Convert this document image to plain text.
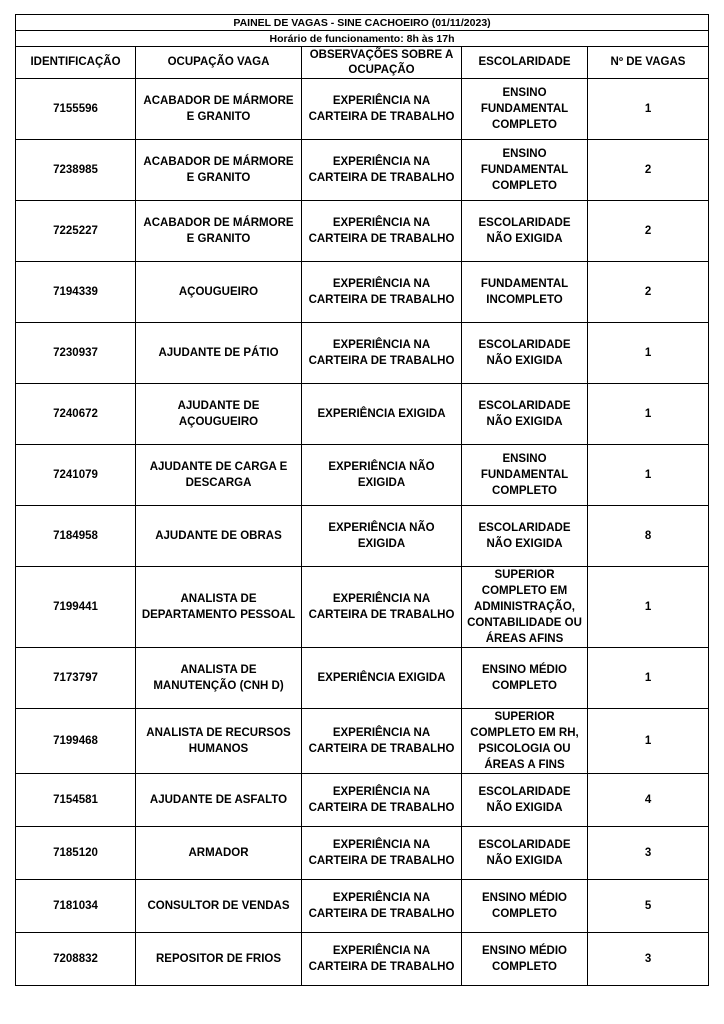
PAINEL DE VAGAS - SINE CACHOEIRO (01/11/2023)				
Horário de funcionamento: 8h às 17h				
IDENTIFICAÇÃO	OCUPAÇÃO VAGA	OBSERVAÇÕES SOBRE A OCUPAÇÃO	ESCOLARIDADE	Nº DE VAGAS
7155596	ACABADOR DE MÁRMORE E GRANITO	EXPERIÊNCIA NA CARTEIRA DE TRABALHO	ENSINO FUNDAMENTAL COMPLETO	1
7238985	ACABADOR DE MÁRMORE E GRANITO	EXPERIÊNCIA NA CARTEIRA DE TRABALHO	ENSINO FUNDAMENTAL COMPLETO	2
7225227	ACABADOR DE MÁRMORE E GRANITO	EXPERIÊNCIA NA CARTEIRA DE TRABALHO	ESCOLARIDADE NÃO EXIGIDA	2
7194339	AÇOUGUEIRO	EXPERIÊNCIA NA CARTEIRA DE TRABALHO	FUNDAMENTAL INCOMPLETO	2
7230937	AJUDANTE DE PÁTIO	EXPERIÊNCIA NA CARTEIRA DE TRABALHO	ESCOLARIDADE NÃO EXIGIDA	1
7240672	AJUDANTE DE AÇOUGUEIRO	EXPERIÊNCIA EXIGIDA	ESCOLARIDADE NÃO EXIGIDA	1
7241079	AJUDANTE DE CARGA E DESCARGA	EXPERIÊNCIA NÃO EXIGIDA	ENSINO FUNDAMENTAL COMPLETO	1
7184958	AJUDANTE DE OBRAS	EXPERIÊNCIA NÃO EXIGIDA	ESCOLARIDADE NÃO EXIGIDA	8
7199441	ANALISTA DE DEPARTAMENTO PESSOAL	EXPERIÊNCIA NA CARTEIRA DE TRABALHO	SUPERIOR COMPLETO EM ADMINISTRAÇÃO, CONTABILIDADE OU ÁREAS AFINS	1
7173797	ANALISTA DE MANUTENÇÃO (CNH D)	EXPERIÊNCIA EXIGIDA	ENSINO MÉDIO COMPLETO	1
7199468	ANALISTA DE RECURSOS HUMANOS	EXPERIÊNCIA NA CARTEIRA DE TRABALHO	SUPERIOR COMPLETO EM RH, PSICOLOGIA OU ÁREAS A FINS	1
7154581	AJUDANTE DE ASFALTO	EXPERIÊNCIA NA CARTEIRA DE TRABALHO	ESCOLARIDADE NÃO EXIGIDA	4
7185120	ARMADOR	EXPERIÊNCIA NA CARTEIRA DE TRABALHO	ESCOLARIDADE NÃO EXIGIDA	3
7181034	CONSULTOR DE VENDAS	EXPERIÊNCIA NA CARTEIRA DE TRABALHO	ENSINO MÉDIO COMPLETO	5
7208832	REPOSITOR DE FRIOS	EXPERIÊNCIA NA CARTEIRA DE TRABALHO	ENSINO MÉDIO COMPLETO	3
